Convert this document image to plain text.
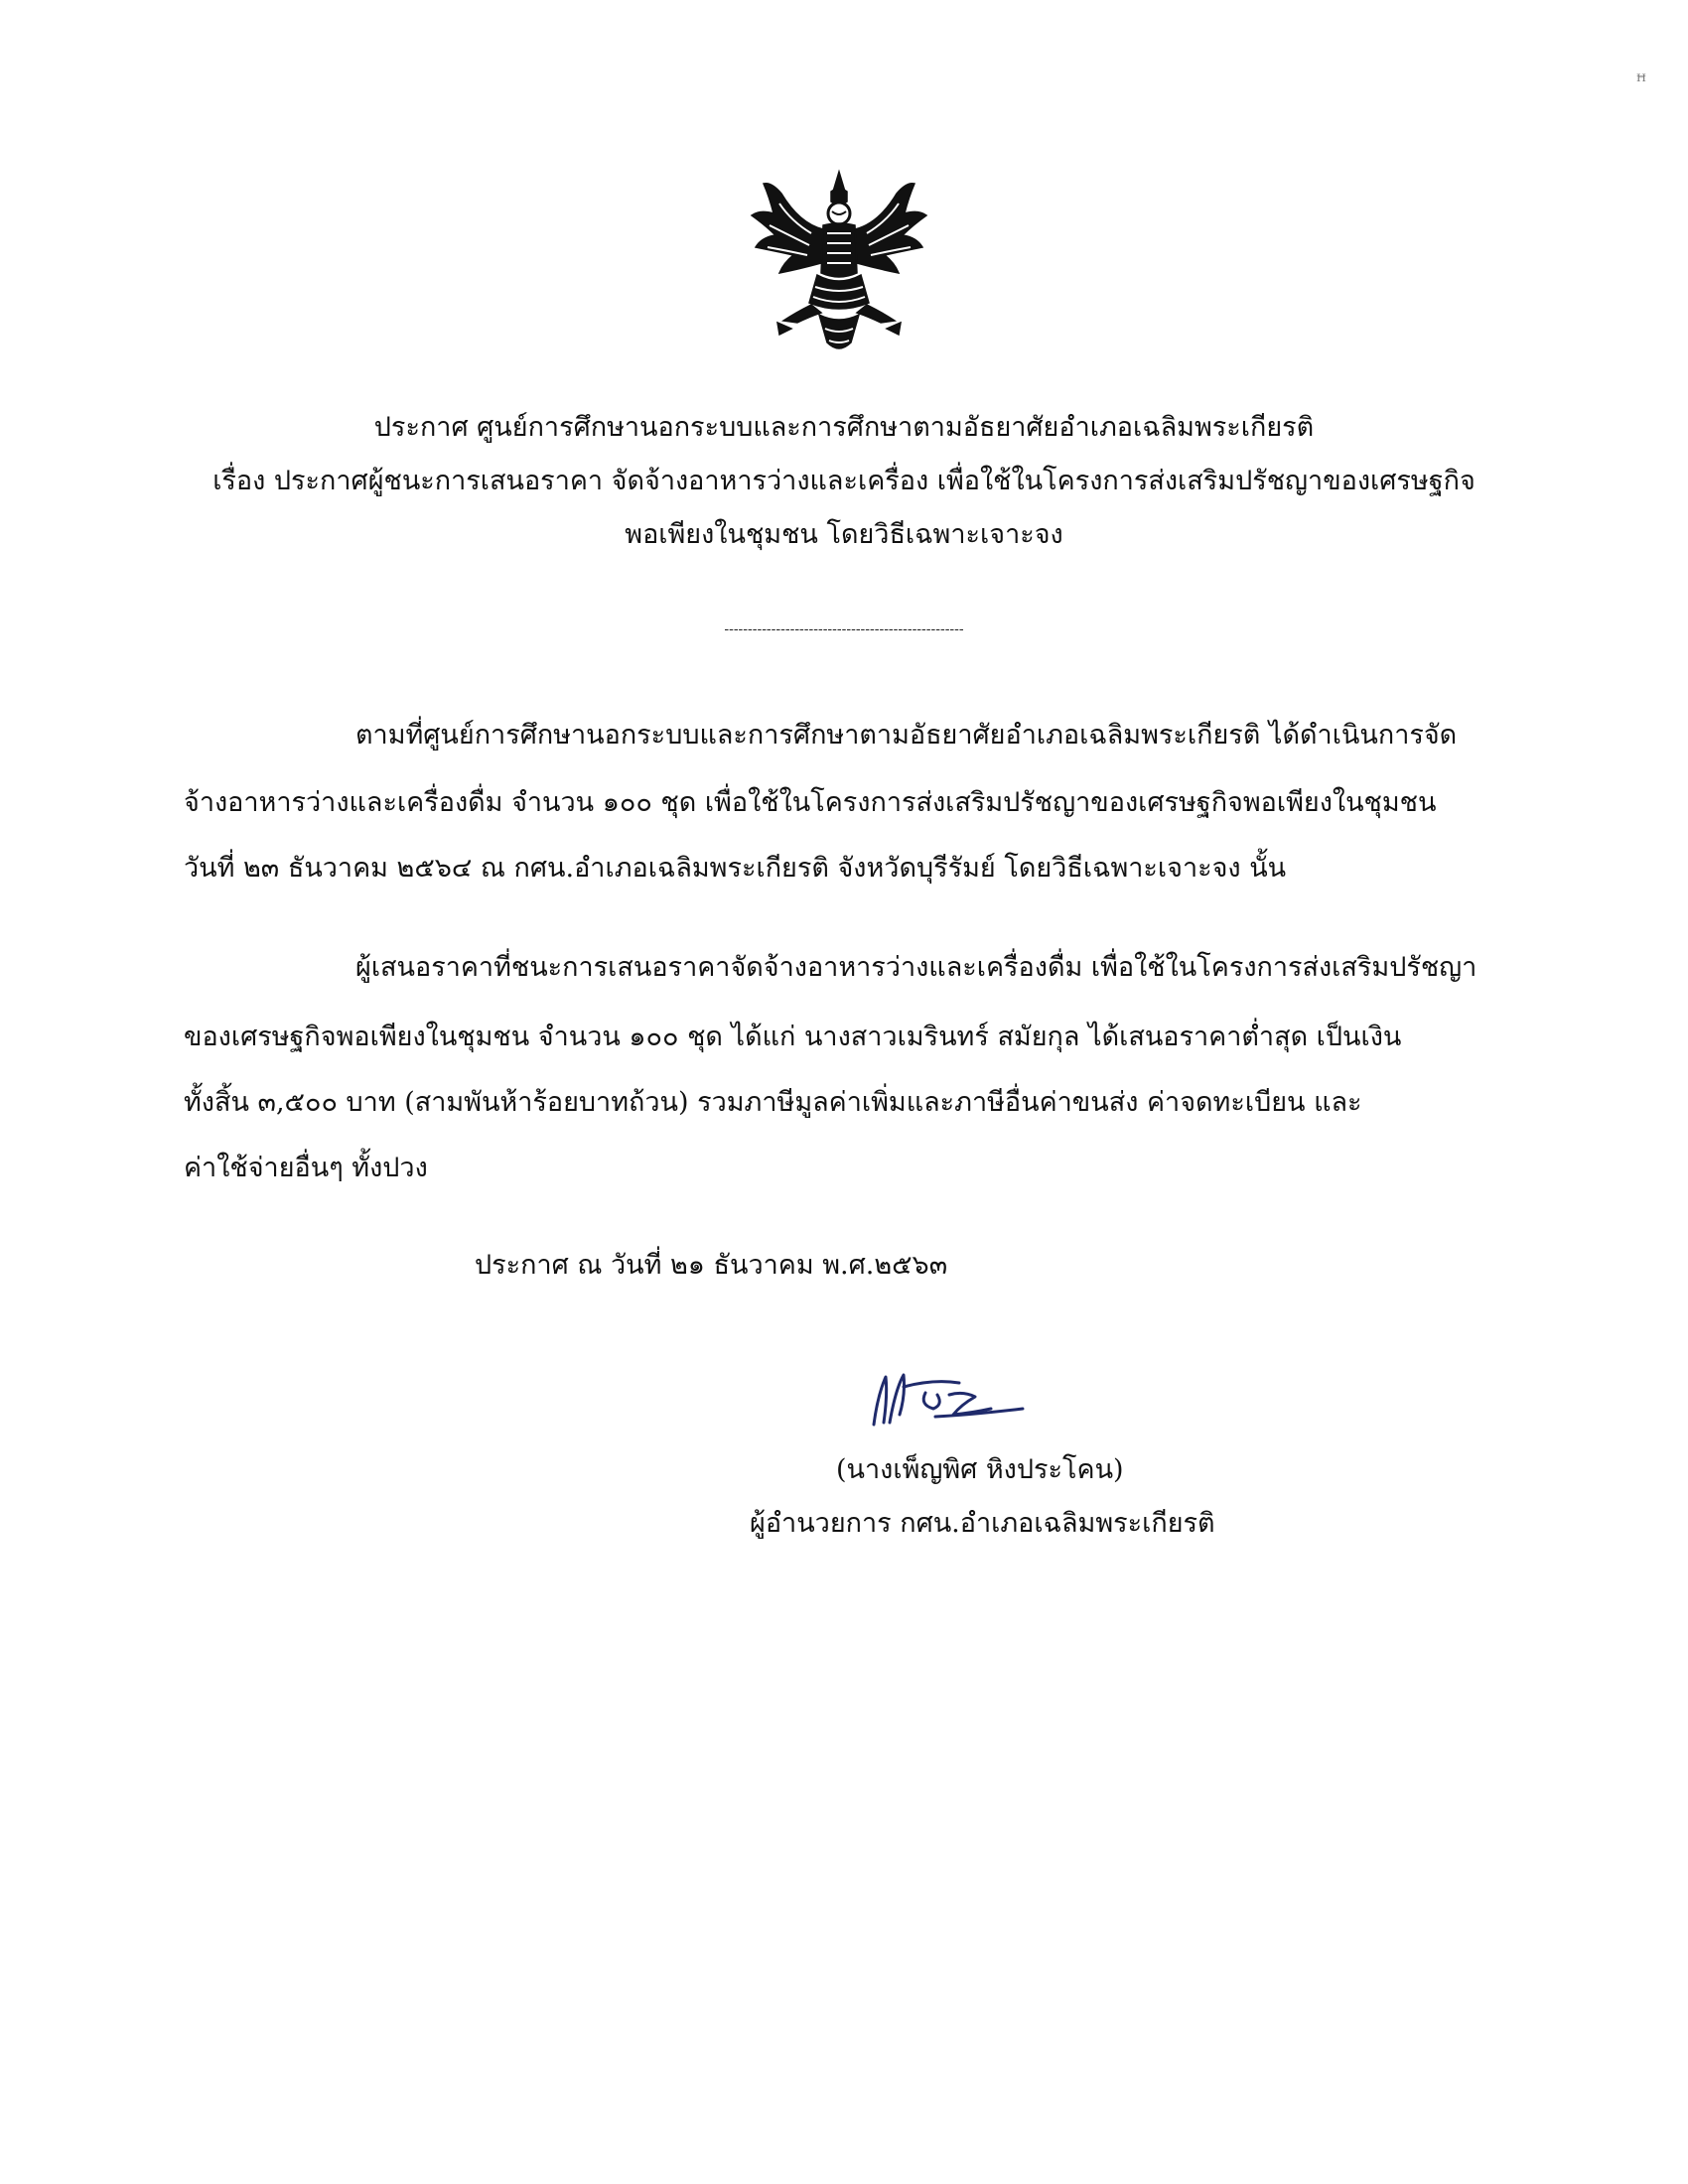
ꟸ
ประกาศ ศูนย์การศึกษานอกระบบและการศึกษาตามอัธยาศัยอำเภอเฉลิมพระเกียรติ
เรื่อง ประกาศผู้ชนะการเสนอราคา จัดจ้างอาหารว่างและเครื่อง เพื่อใช้ในโครงการส่งเสริมปรัชญาของเศรษฐกิจ
พอเพียงในชุมชน โดยวิธีเฉพาะเจาะจง
---------------------------------------------------
ตามที่ศูนย์การศึกษานอกระบบและการศึกษาตามอัธยาศัยอำเภอเฉลิมพระเกียรติ ได้ดำเนินการจัด
จ้างอาหารว่างและเครื่องดื่ม จำนวน ๑๐๐ ชุด เพื่อใช้ในโครงการส่งเสริมปรัชญาของเศรษฐกิจพอเพียงในชุมชน
วันที่ ๒๓ ธันวาคม ๒๕๖๔ ณ กศน.อำเภอเฉลิมพระเกียรติ จังหวัดบุรีรัมย์ โดยวิธีเฉพาะเจาะจง นั้น
ผู้เสนอราคาที่ชนะการเสนอราคาจัดจ้างอาหารว่างและเครื่องดื่ม เพื่อใช้ในโครงการส่งเสริมปรัชญา
ของเศรษฐกิจพอเพียงในชุมชน จำนวน ๑๐๐ ชุด ได้แก่ นางสาวเมรินทร์ สมัยกุล ได้เสนอราคาต่ำสุด เป็นเงิน
ทั้งสิ้น ๓,๕๐๐ บาท (สามพันห้าร้อยบาทถ้วน) รวมภาษีมูลค่าเพิ่มและภาษีอื่นค่าขนส่ง ค่าจดทะเบียน และ
ค่าใช้จ่ายอื่นๆ ทั้งปวง
ประกาศ ณ วันที่ ๒๑ ธันวาคม พ.ศ.๒๕๖๓
(นางเพ็ญพิศ หิงประโคน)
ผู้อำนวยการ กศน.อำเภอเฉลิมพระเกียรติ
